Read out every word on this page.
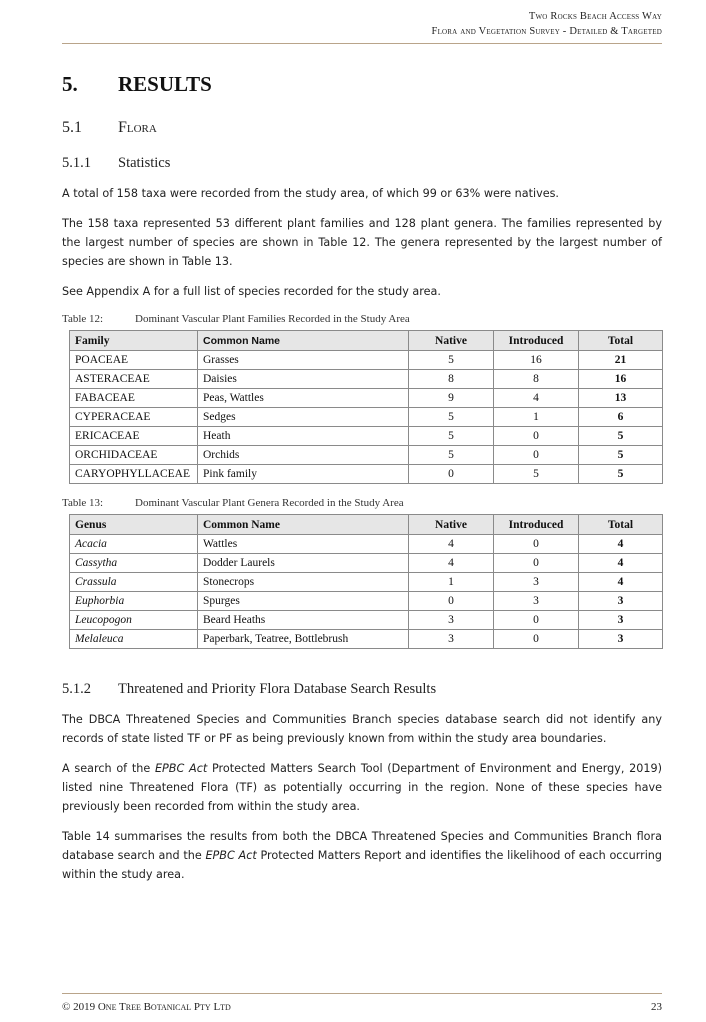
Two Rocks Beach Access Way
Flora and Vegetation Survey - Detailed & Targeted
5. RESULTS
5.1 Flora
5.1.1 Statistics
A total of 158 taxa were recorded from the study area, of which 99 or 63% were natives.
The 158 taxa represented 53 different plant families and 128 plant genera. The families represented by the largest number of species are shown in Table 12. The genera represented by the largest number of species are shown in Table 13.
See Appendix A for a full list of species recorded for the study area.
Table 12:	Dominant Vascular Plant Families Recorded in the Study Area
Family	Common Name	Native	Introduced	Total
POACEAE	Grasses	5	16	21
ASTERACEAE	Daisies	8	8	16
FABACEAE	Peas, Wattles	9	4	13
CYPERACEAE	Sedges	5	1	6
ERICACEAE	Heath	5	0	5
ORCHIDACEAE	Orchids	5	0	5
CARYOPHYLLACEAE	Pink family	0	5	5
Table 13:	Dominant Vascular Plant Genera Recorded in the Study Area
Genus	Common Name	Native	Introduced	Total
Acacia	Wattles	4	0	4
Cassytha	Dodder Laurels	4	0	4
Crassula	Stonecrops	1	3	4
Euphorbia	Spurges	0	3	3
Leucopogon	Beard Heaths	3	0	3
Melaleuca	Paperbark, Teatree, Bottlebrush	3	0	3
5.1.2 Threatened and Priority Flora Database Search Results
The DBCA Threatened Species and Communities Branch species database search did not identify any records of state listed TF or PF as being previously known from within the study area boundaries.
A search of the EPBC Act Protected Matters Search Tool (Department of Environment and Energy, 2019) listed nine Threatened Flora (TF) as potentially occurring in the region. None of these species have previously been recorded from within the study area.
Table 14 summarises the results from both the DBCA Threatened Species and Communities Branch flora database search and the EPBC Act Protected Matters Report and identifies the likelihood of each occurring within the study area.
© 2019 One Tree Botanical Pty Ltd	23
